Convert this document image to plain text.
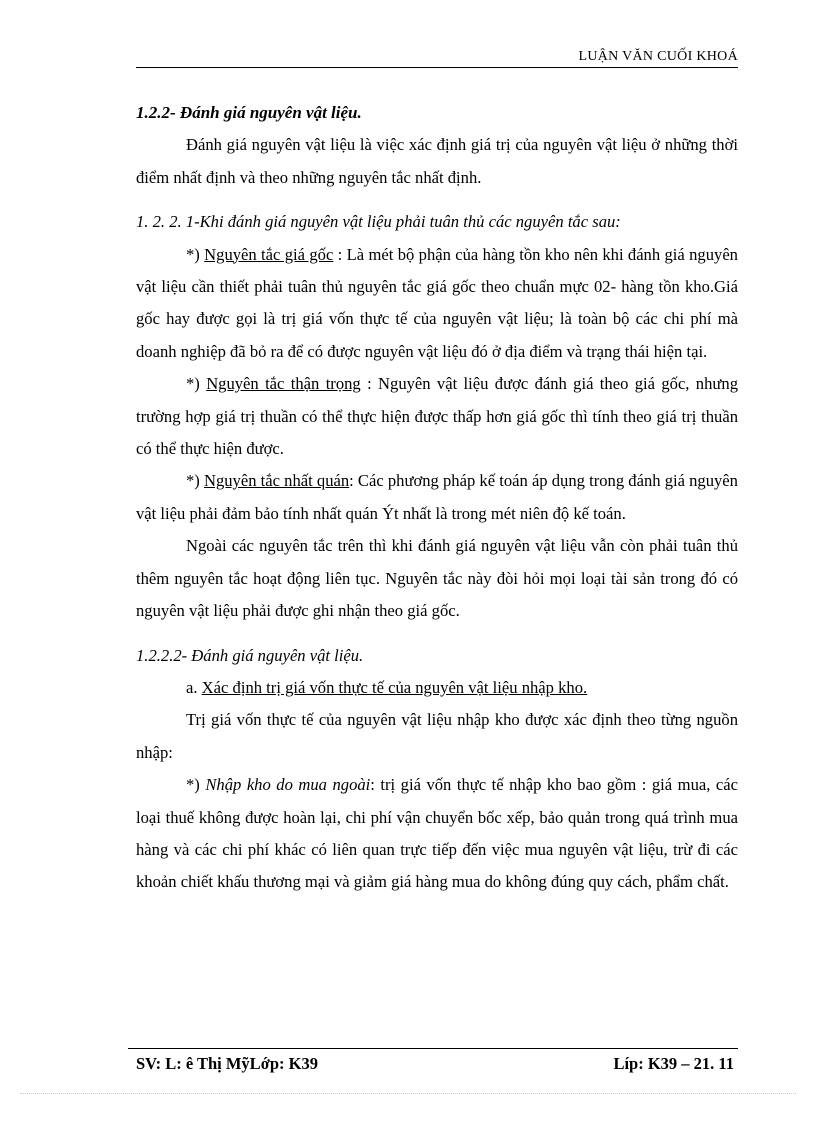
LUẬN VĂN CUỐI KHOÁ

1.2.2- Đánh giá nguyên vật liệu.

Đánh giá nguyên vật liệu là việc xác định giá trị của nguyên vật liệu ở những thời điểm nhất định và theo những nguyên tắc nhất định.

1. 2. 2. 1-Khi đánh giá nguyên vật liệu phải tuân thủ các nguyên tắc sau:

*) Nguyên tắc giá gốc : Là mét bộ phận của hàng tồn kho nên khi đánh giá nguyên vật liệu cần thiết phải tuân thủ nguyên tắc giá gốc theo chuẩn mực 02- hàng tồn kho.Giá gốc hay được gọi là trị giá vốn thực tế của nguyên vật liệu; là toàn bộ các chi phí mà doanh nghiệp đã bỏ ra để có được nguyên vật liệu đó ở địa điểm và trạng thái hiện tại.

*) Nguyên tắc thận trọng : Nguyên vật liệu được đánh giá theo giá gốc, nhưng trường hợp giá trị thuần có thể thực hiện được thấp hơn giá gốc thì tính theo giá trị thuần có thể thực hiện được.

*) Nguyên tắc nhất quán: Các phương pháp kế toán áp dụng trong đánh giá nguyên vật liệu phải đảm bảo tính nhất quán Ýt nhất là trong mét niên độ kế toán.

Ngoài các nguyên tắc trên thì khi đánh giá nguyên vật liệu vẫn còn phải tuân thủ thêm nguyên tắc hoạt động liên tục. Nguyên tắc này đòi hỏi mọi loại tài sản trong đó có nguyên vật liệu phải được ghi nhận theo giá gốc.

1.2.2.2- Đánh giá nguyên vật liệu.

a. Xác định trị giá vốn thực tế của nguyên vật liệu nhập kho.

Trị giá vốn thực tế của nguyên vật liệu nhập kho được xác định theo từng nguồn nhập:

*) Nhập kho do mua ngoài: trị giá vốn thực tế nhập kho bao gồm : giá mua, các loại thuế không được hoàn lại, chi phí vận chuyển bốc xếp, bảo quản trong quá trình mua hàng và các chi phí khác có liên quan trực tiếp đến việc mua nguyên vật liệu, trừ đi các khoản chiết khấu thương mại và giảm giá hàng mua do không đúng quy cách, phẩm chất.

SV: L: ê Thị MỹLớp: K39	Líp: K39 – 21. 11
